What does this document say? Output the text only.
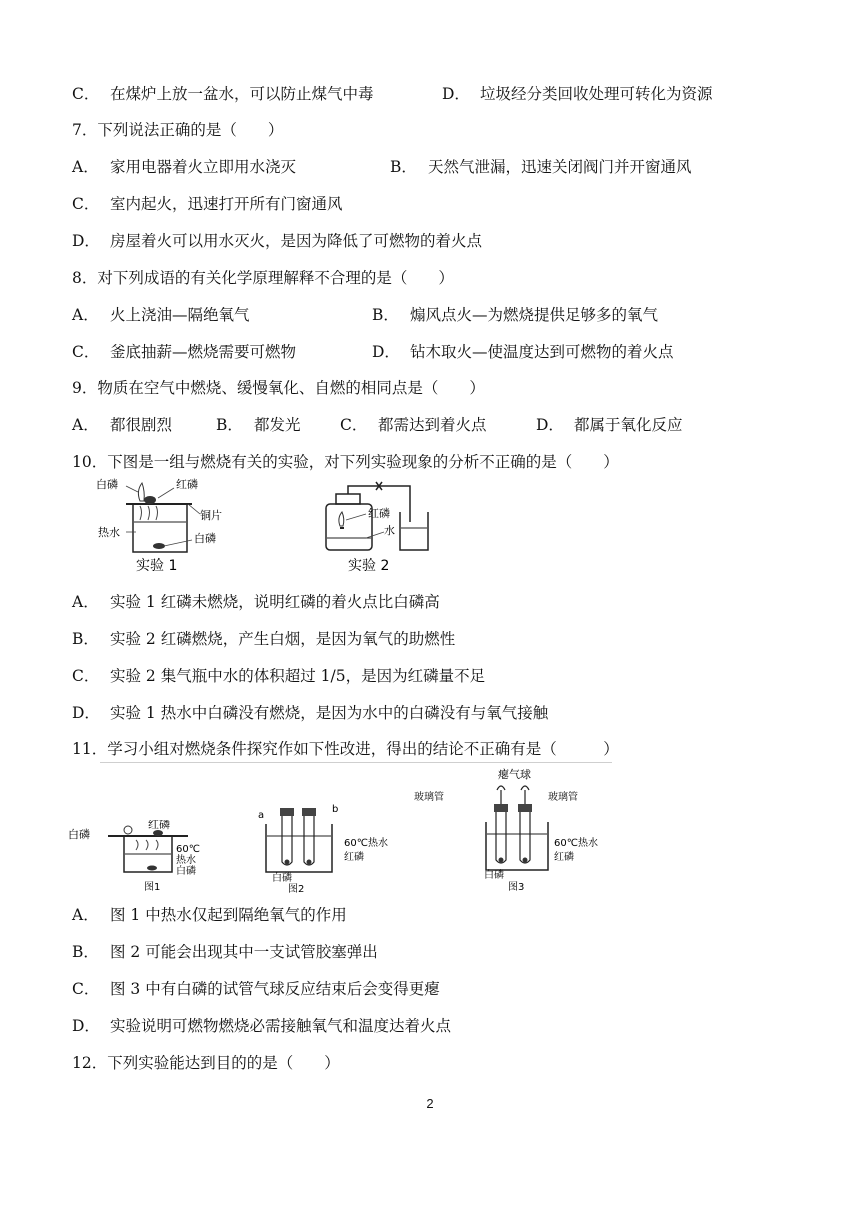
C． 在煤炉上放一盆水，可以防止煤气中毒	D． 垃圾经分类回收处理可转化为资源
7．下列说法正确的是（　　）
A． 家用电器着火立即用水浇灭	B． 天然气泄漏，迅速关闭阀门并开窗通风
C． 室内起火，迅速打开所有门窗通风
D． 房屋着火可以用水灭火，是因为降低了可燃物的着火点
8．对下列成语的有关化学原理解释不合理的是（　　）
A． 火上浇油—隔绝氧气	B． 煽风点火—为燃烧提供足够多的氧气
C． 釜底抽薪—燃烧需要可燃物	D． 钻木取火—使温度达到可燃物的着火点
9．物质在空气中燃烧、缓慢氧化、自燃的相同点是（　　）
A． 都很剧烈	B． 都发光	C． 都需达到着火点	D． 都属于氧化反应
10．下图是一组与燃烧有关的实验，对下列实验现象的分析不正确的是（　　）
白磷	红磷
铜片
热水	白磷
实验 1
红磷
水
实验 2
A． 实验 1 红磷未燃烧，说明红磷的着火点比白磷高
B． 实验 2 红磷燃烧，产生白烟，是因为氧气的助燃性
C． 实验 2 集气瓶中水的体积超过 1/5，是因为红磷量不足
D． 实验 1 热水中白磷没有燃烧，是因为水中的白磷没有与氧气接触
11．学习小组对燃烧条件探究作如下性改进，得出的结论不正确有是（　　　）
红磷
白磷
60℃
热水
白磷
图1
a
b
60℃热水
红磷
白磷
图2
瘪气球
玻璃管	玻璃管
60℃热水
红磷
白磷
图3
A． 图 1 中热水仅起到隔绝氧气的作用
B． 图 2 可能会出现其中一支试管胶塞弹出
C． 图 3 中有白磷的试管气球反应结束后会变得更瘪
D． 实验说明可燃物燃烧必需接触氧气和温度达着火点
12．下列实验能达到目的的是（　　）
2
